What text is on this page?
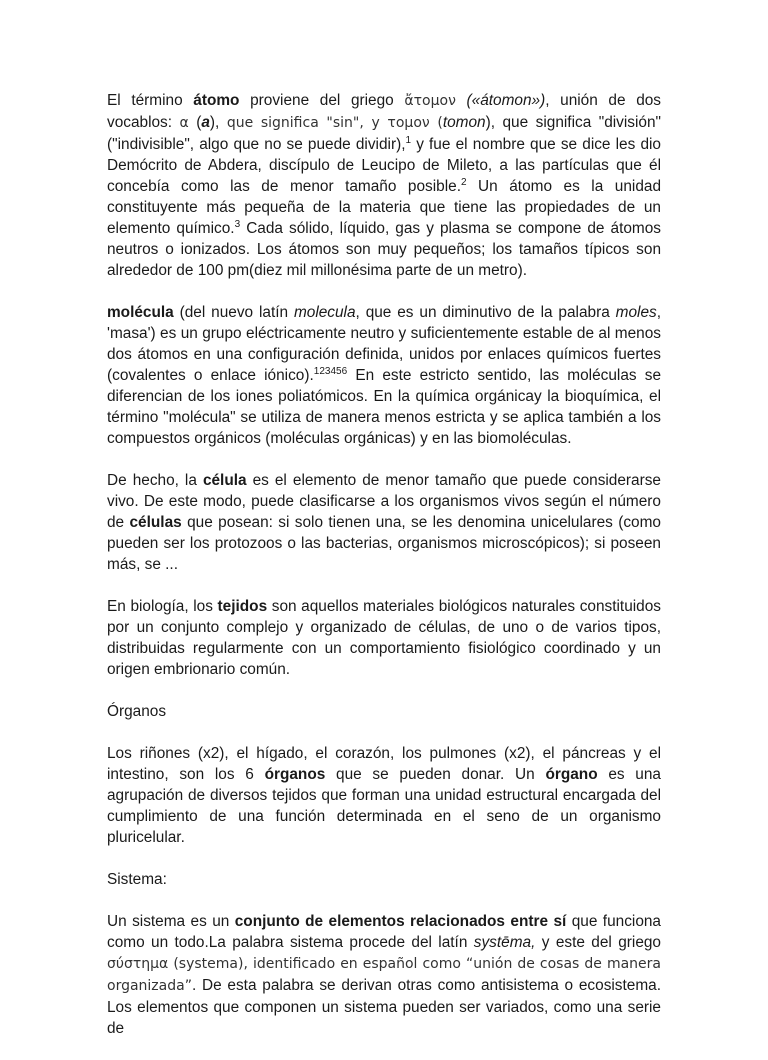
El término átomo proviene del griego ἄτομον («átomon»), unión de dos vocablos: α (a), que significa "sin", y τομον (tomon), que significa "división" ("indivisible", algo que no se puede dividir),$^1$ y fue el nombre que se dice les dio Demócrito de Abdera, discípulo de Leucipo de Mileto, a las partículas que él concebía como las de menor tamaño posible.$^2$ Un átomo es la unidad constituyente más pequeña de la materia que tiene las propiedades de un elemento químico.$^3$ Cada sólido, líquido, gas y plasma se compone de átomos neutros o ionizados. Los átomos son muy pequeños; los tamaños típicos son alrededor de 100 pm(diez mil millonésima parte de un metro).

molécula (del nuevo latín molecula, que es un diminutivo de la palabra moles, 'masa') es un grupo eléctricamente neutro y suficientemente estable de al menos dos átomos en una configuración definida, unidos por enlaces químicos fuertes (covalentes o enlace iónico).$^{123456}$ En este estricto sentido, las moléculas se diferencian de los iones poliatómicos. En la química orgánicay la bioquímica, el término "molécula" se utiliza de manera menos estricta y se aplica también a los compuestos orgánicos (moléculas orgánicas) y en las biomoléculas.

De hecho, la célula es el elemento de menor tamaño que puede considerarse vivo. De este modo, puede clasificarse a los organismos vivos según el número de células que posean: si solo tienen una, se les denomina unicelulares (como pueden ser los protozoos o las bacterias, organismos microscópicos); si poseen más, se ...

En biología, los tejidos son aquellos materiales biológicos naturales constituidos por un conjunto complejo y organizado de células, de uno o de varios tipos, distribuidas regularmente con un comportamiento fisiológico coordinado y un origen embrionario común.

Órganos

Los riñones (x2), el hígado, el corazón, los pulmones (x2), el páncreas y el intestino, son los 6 órganos que se pueden donar. Un órgano es una agrupación de diversos tejidos que forman una unidad estructural encargada del cumplimiento de una función determinada en el seno de un organismo pluricelular.

Sistema:

Un sistema es un conjunto de elementos relacionados entre sí que funciona como un todo.La palabra sistema procede del latín systēma, y este del griego σύστημα (systema), identificado en español como “unión de cosas de manera organizada”. De esta palabra se derivan otras como antisistema o ecosistema. Los elementos que componen un sistema pueden ser variados, como una serie de
